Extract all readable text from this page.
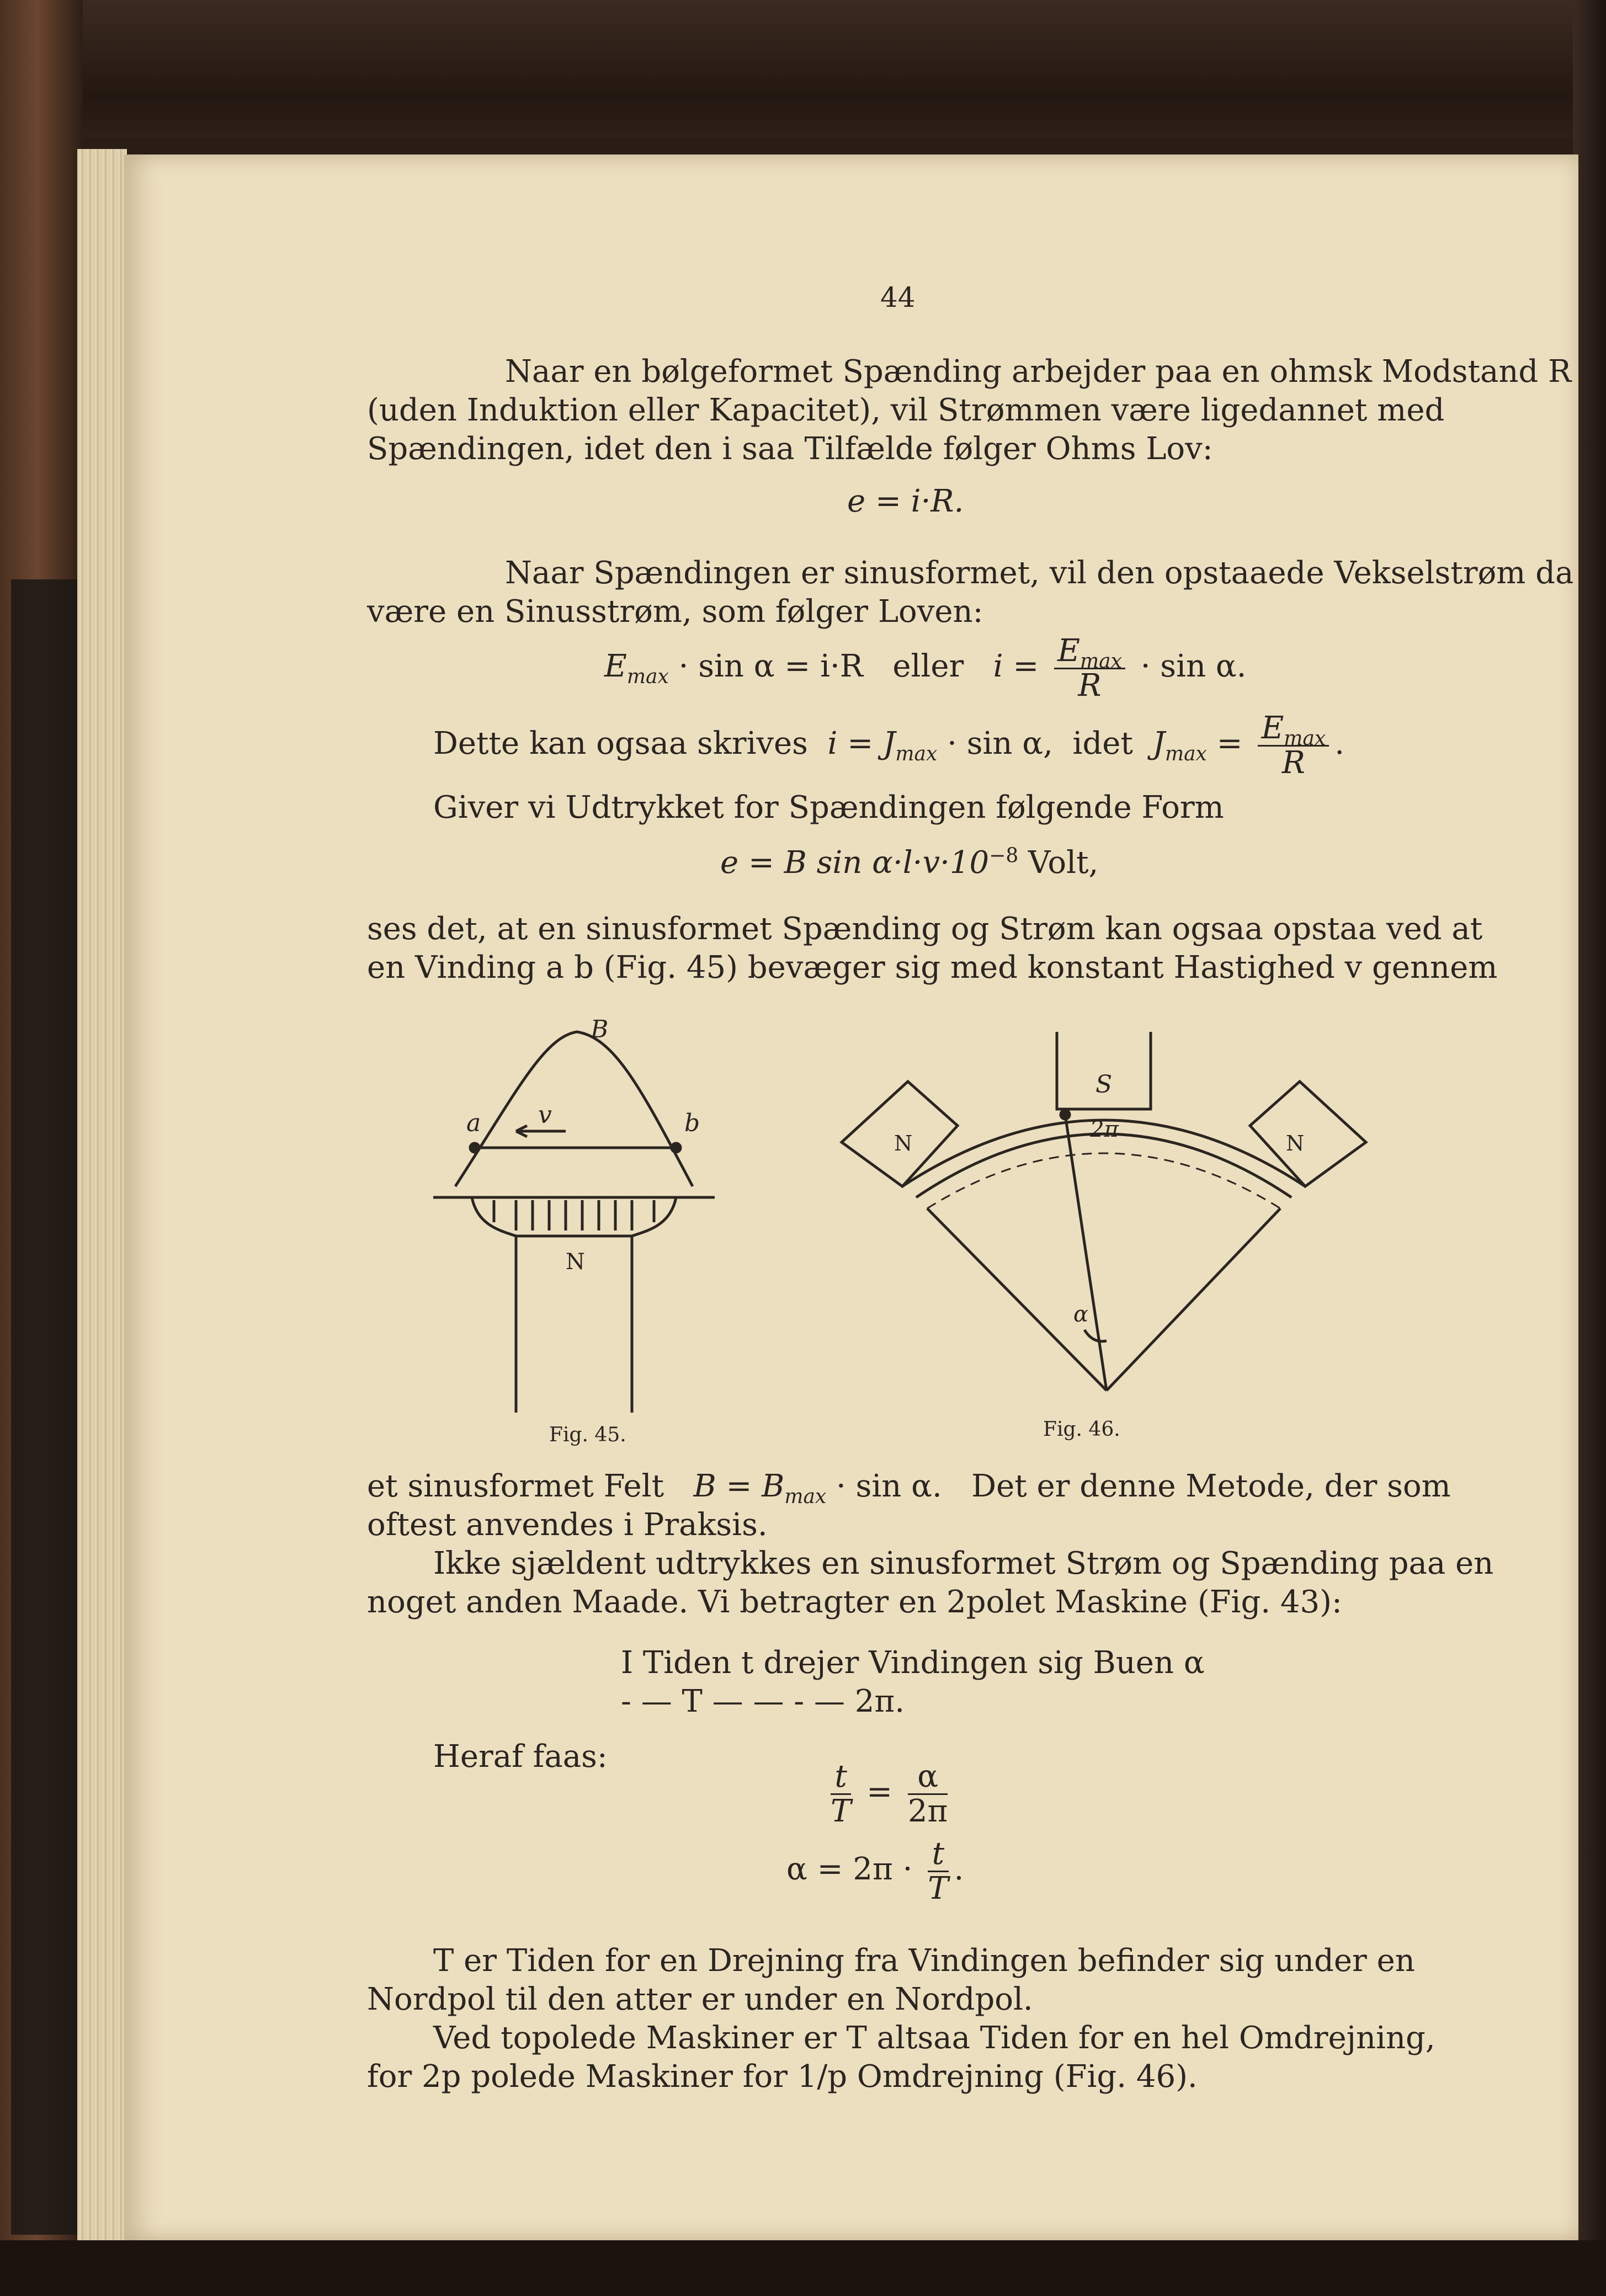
44
Naar en bølgeformet Spænding arbejder paa en ohmsk Modstand R
(uden Induktion eller Kapacitet), vil Strømmen være ligedannet med
Spændingen, idet den i saa Tilfælde følger Ohms Lov:
e = i·R.
Naar Spændingen er sinusformet, vil den opstaaede Vekselstrøm da
være en Sinusstrøm, som følger Loven:
$E_{max} \cdot \sin \alpha = i\cdot R$ eller $i = \frac{E_{max}}{R} \cdot \sin \alpha$.
Dette kan ogsaa skrives $i = J_{max} \cdot \sin \alpha$, idet $J_{max} = \frac{E_{max}}{R}$ .
Giver vi Udtrykket for Spændingen følgende Form
e = B $\sin \alpha\cdot l\cdot v\cdot 10^{-8}$ Volt,
ses det, at en sinusformet Spænding og Strøm kan ogsaa opstaa ved at
en Vinding a b (Fig. 45) bevæger sig med konstant Hastighed v gennem
B
a	b
v
N
Fig. 45.
S
N	N
2π
α
Fig. 46.
et sinusformet Felt $B = B_{max} \cdot \sin \alpha$. Det er denne Metode, der som
oftest anvendes i Praksis.
Ikke sjældent udtrykkes en sinusformet Strøm og Spænding paa en
noget anden Maade. Vi betragter en 2polet Maskine (Fig. 43):
I Tiden t drejer Vindingen sig Buen α
- — T — — - — 2π.
Heraf faas:
$\frac{t}{T} = \frac{\alpha}{2\pi}$
$\alpha = 2\pi \cdot \frac{t}{T}$ .
T er Tiden for en Drejning fra Vindingen befinder sig under en
Nordpol til den atter er under en Nordpol.
Ved topolede Maskiner er T altsaa Tiden for en hel Omdrejning,
for 2p polede Maskiner for 1/p Omdrejning (Fig. 46).
